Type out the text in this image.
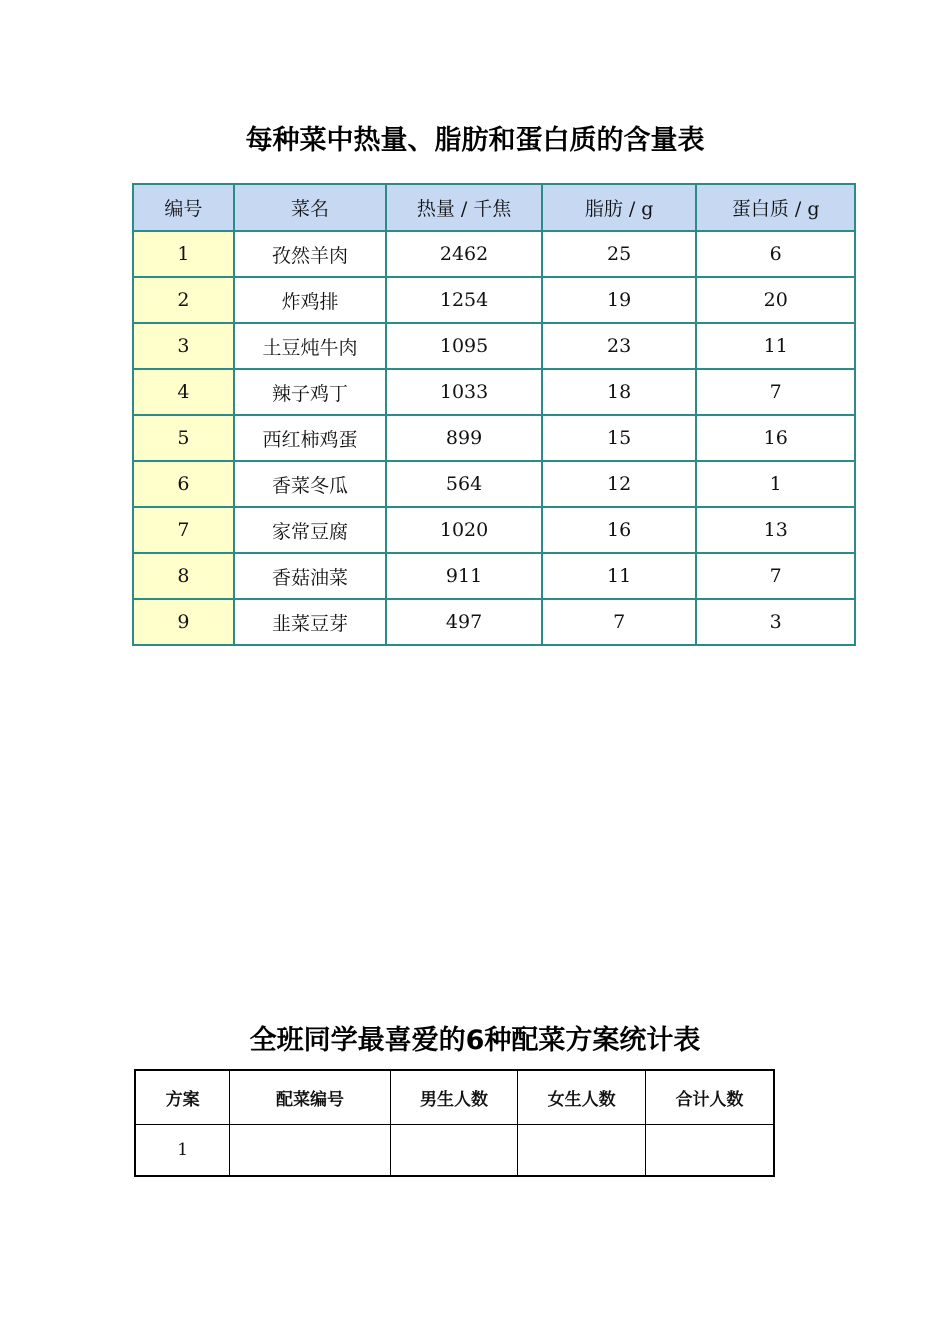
每种菜中热量、脂肪和蛋白质的含量表
编号	菜名	热量 / 千焦	脂肪 / g	蛋白质 / g
1	孜然羊肉	2462	25	6
2	炸鸡排	1254	19	20
3	土豆炖牛肉	1095	23	11
4	辣子鸡丁	1033	18	7
5	西红柿鸡蛋	899	15	16
6	香菜冬瓜	564	12	1
7	家常豆腐	1020	16	13
8	香菇油菜	911	11	7
9	韭菜豆芽	497	7	3
全班同学最喜爱的6种配菜方案统计表
方案	配菜编号	男生人数	女生人数	合计人数
1				
